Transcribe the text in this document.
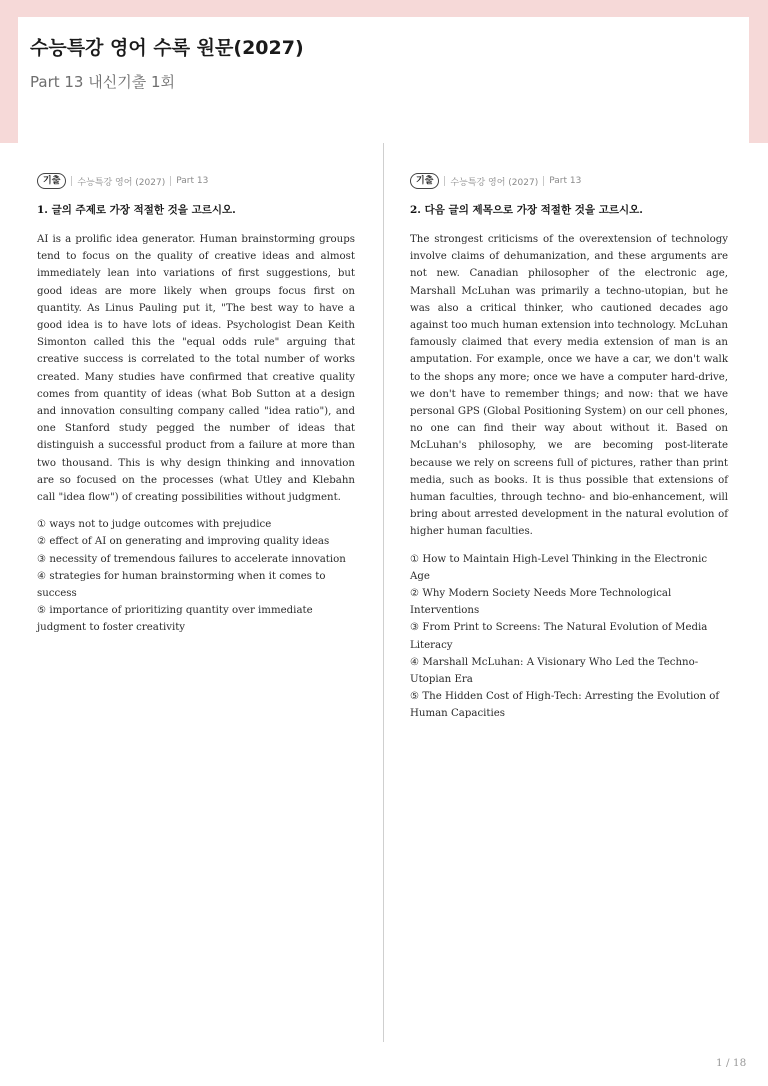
수능특강 영어 수록 원문(2027)
Part 13 내신기출 1회
기출	수능특강 영어 (2027) Part 13
1. 글의 주제로 가장 적절한 것을 고르시오.
AI is a prolific idea generator. Human brainstorming groups tend to focus on the quality of creative ideas and almost immediately lean into variations of first suggestions, but good ideas are more likely when groups focus first on quantity. As Linus Pauling put it, "The best way to have a good idea is to have lots of ideas. Psychologist Dean Keith Simonton called this the "equal odds rule" arguing that creative success is correlated to the total number of works created. Many studies have confirmed that creative quality comes from quantity of ideas (what Bob Sutton at a design and innovation consulting company called "idea ratio"), and one Stanford study pegged the number of ideas that distinguish a successful product from a failure at more than two thousand. This is why design thinking and innovation are so focused on the processes (what Utley and Klebahn call "idea flow") of creating possibilities without judgment.
① ways not to judge outcomes with prejudice
② effect of AI on generating and improving quality ideas
③ necessity of tremendous failures to accelerate innovation
④ strategies for human brainstorming when it comes to success
⑤ importance of prioritizing quantity over immediate judgment to foster creativity
기출	수능특강 영어 (2027) Part 13
2. 다음 글의 제목으로 가장 적절한 것을 고르시오.
The strongest criticisms of the overextension of technology involve claims of dehumanization, and these arguments are not new. Canadian philosopher of the electronic age, Marshall McLuhan was primarily a techno-utopian, but he was also a critical thinker, who cautioned decades ago against too much human extension into technology. McLuhan famously claimed that every media extension of man is an amputation. For example, once we have a car, we don't walk to the shops any more; once we have a computer hard-drive, we don't have to remember things; and now: that we have personal GPS (Global Positioning System) on our cell phones, no one can find their way about without it. Based on McLuhan's philosophy, we are becoming post-literate because we rely on screens full of pictures, rather than print media, such as books. It is thus possible that extensions of human faculties, through techno- and bio-enhancement, will bring about arrested development in the natural evolution of higher human faculties.
① How to Maintain High-Level Thinking in the Electronic Age
② Why Modern Society Needs More Technological Interventions
③ From Print to Screens: The Natural Evolution of Media Literacy
④ Marshall McLuhan: A Visionary Who Led the Techno-Utopian Era
⑤ The Hidden Cost of High-Tech: Arresting the Evolution of Human Capacities
1 / 18
